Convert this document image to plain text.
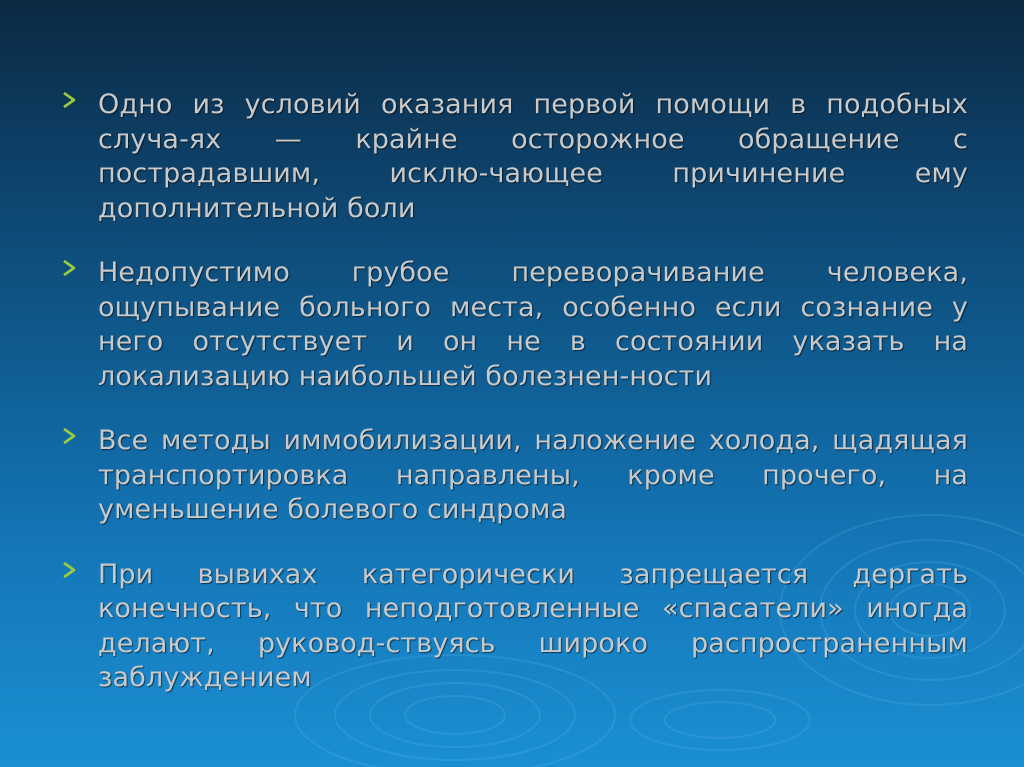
Одно из условий оказания первой помощи в подобных случа-ях — крайне осторожное обращение с пострадавшим, исклю-чающее причинение ему дополнительной боли
Недопустимо грубое переворачивание человека, ощупывание больного места, особенно если сознание у него отсутствует и он не в состоянии указать на локализацию наибольшей болезнен-ности
Все методы иммобилизации, наложение холода, щадящая транспортировка направлены, кроме прочего, на уменьшение болевого синдрома
При вывихах категорически запрещается дергать конечность, что неподготовленные «спасатели» иногда делают, руковод-ствуясь широко распространенным заблуждением
